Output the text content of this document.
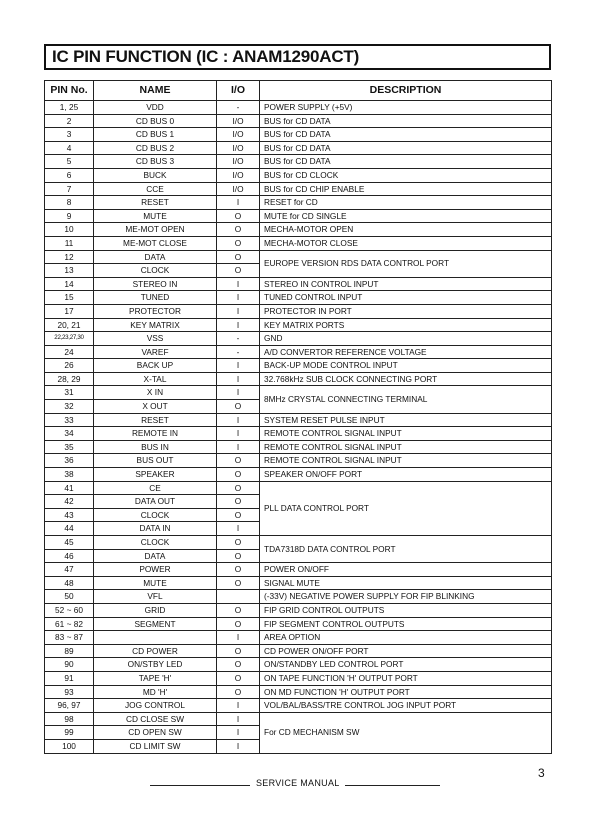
IC PIN FUNCTION (IC : ANAM1290ACT)
PIN No.	NAME	I/O	DESCRIPTION
1, 25	VDD	-	POWER SUPPLY (+5V)
2	CD BUS 0	I/O	BUS for CD DATA
3	CD BUS 1	I/O	BUS for CD DATA
4	CD BUS 2	I/O	BUS for CD DATA
5	CD BUS 3	I/O	BUS for CD DATA
6	BUCK	I/O	BUS for CD CLOCK
7	CCE	I/O	BUS for CD CHIP ENABLE
8	RESET	I	RESET for CD
9	MUTE	O	MUTE for CD SINGLE
10	ME-MOT OPEN	O	MECHA-MOTOR OPEN
11	ME-MOT CLOSE	O	MECHA-MOTOR CLOSE
12	DATA	O	EUROPE VERSION RDS DATA CONTROL PORT
13	CLOCK	O	
14	STEREO IN	I	STEREO IN CONTROL INPUT
15	TUNED	I	TUNED CONTROL INPUT
17	PROTECTOR	I	PROTECTOR IN PORT
20, 21	KEY MATRIX	I	KEY MATRIX PORTS
22,23,27,30	VSS	-	GND
24	VAREF	-	A/D CONVERTOR REFERENCE VOLTAGE
26	BACK UP	I	BACK-UP MODE CONTROL INPUT
28, 29	X-TAL	I	32.768kHz SUB CLOCK CONNECTING PORT
31	X IN	I	8MHz CRYSTAL CONNECTING TERMINAL
32	X OUT	O	
33	RESET	I	SYSTEM RESET PULSE INPUT
34	REMOTE IN	I	REMOTE CONTROL SIGNAL INPUT
35	BUS IN	I	REMOTE CONTROL SIGNAL INPUT
36	BUS OUT	O	REMOTE CONTROL SIGNAL INPUT
38	SPEAKER	O	SPEAKER ON/OFF PORT
41	CE	O	PLL DATA CONTROL PORT
42	DATA OUT	O	
43	CLOCK	O	
44	DATA IN	I	
45	CLOCK	O	TDA7318D DATA CONTROL PORT
46	DATA	O	
47	POWER	O	POWER ON/OFF
48	MUTE	O	SIGNAL MUTE
50	VFL		(-33V) NEGATIVE POWER SUPPLY FOR FIP BLINKING
52 ~ 60	GRID	O	FIP GRID CONTROL OUTPUTS
61 ~ 82	SEGMENT	O	FIP SEGMENT CONTROL OUTPUTS
83 ~ 87		I	AREA OPTION
89	CD POWER	O	CD POWER ON/OFF PORT
90	ON/STBY LED	O	ON/STANDBY LED CONTROL PORT
91	TAPE 'H'	O	ON TAPE FUNCTION 'H' OUTPUT PORT
93	MD 'H'	O	ON MD FUNCTION 'H' OUTPUT PORT
96, 97	JOG CONTROL	I	VOL/BAL/BASS/TRE CONTROL JOG INPUT PORT
98	CD CLOSE SW	I	For CD MECHANISM SW
99	CD OPEN SW	I	
100	CD LIMIT SW	I	
SERVICE MANUAL
3
